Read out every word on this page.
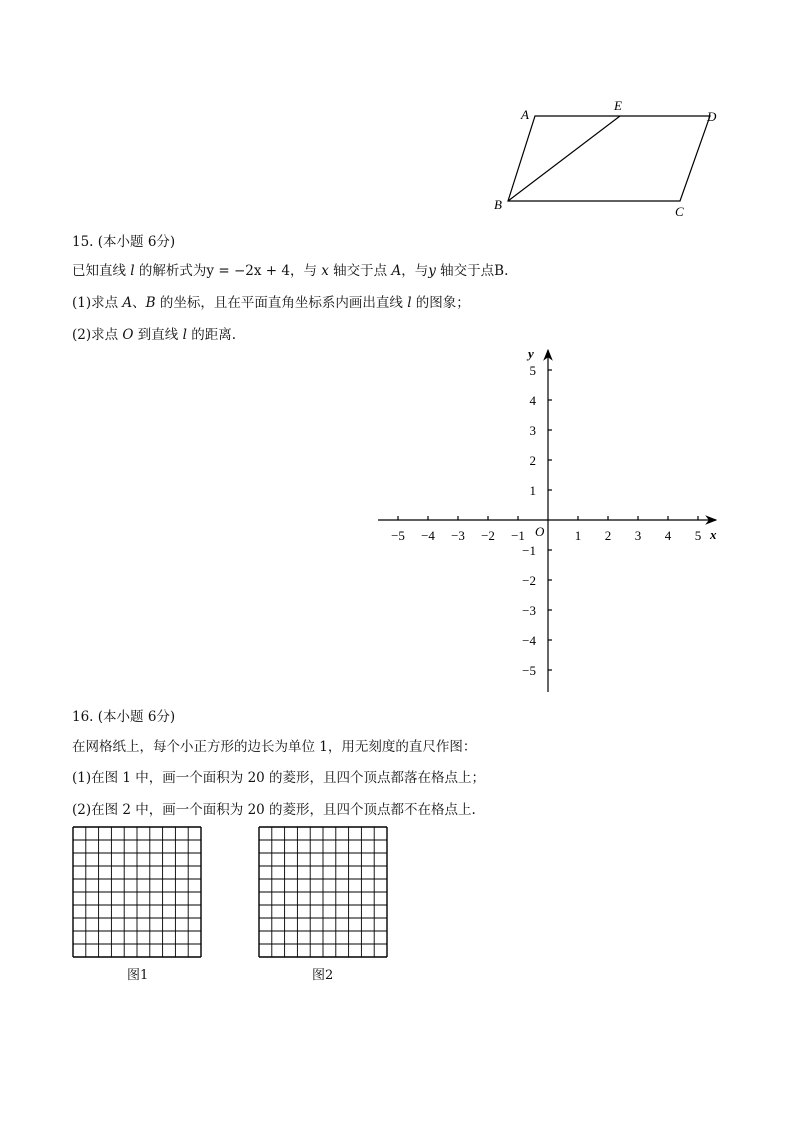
A
E
D
B	C
15. (本小题 6分)
已知直线 l 的解析式为y = −2x + 4，与 x 轴交于点 A，与y 轴交于点B.
(1)求点 A、B 的坐标，且在平面直角坐标系内画出直线 l 的图象；
(2)求点 O 到直线 l 的距离.
−5 −4 −3 −2 −1	1 2 3 4 5
5
4
3
2
1
−1
−2
−3
−4
−5
x
y
O
16. (本小题 6分)
在网格纸上，每个小正方形的边长为单位 1，用无刻度的直尺作图：
(1)在图 1 中，画一个面积为 20 的菱形，且四个顶点都落在格点上；
(2)在图 2 中，画一个面积为 20 的菱形，且四个顶点都不在格点上.
图1	图2
